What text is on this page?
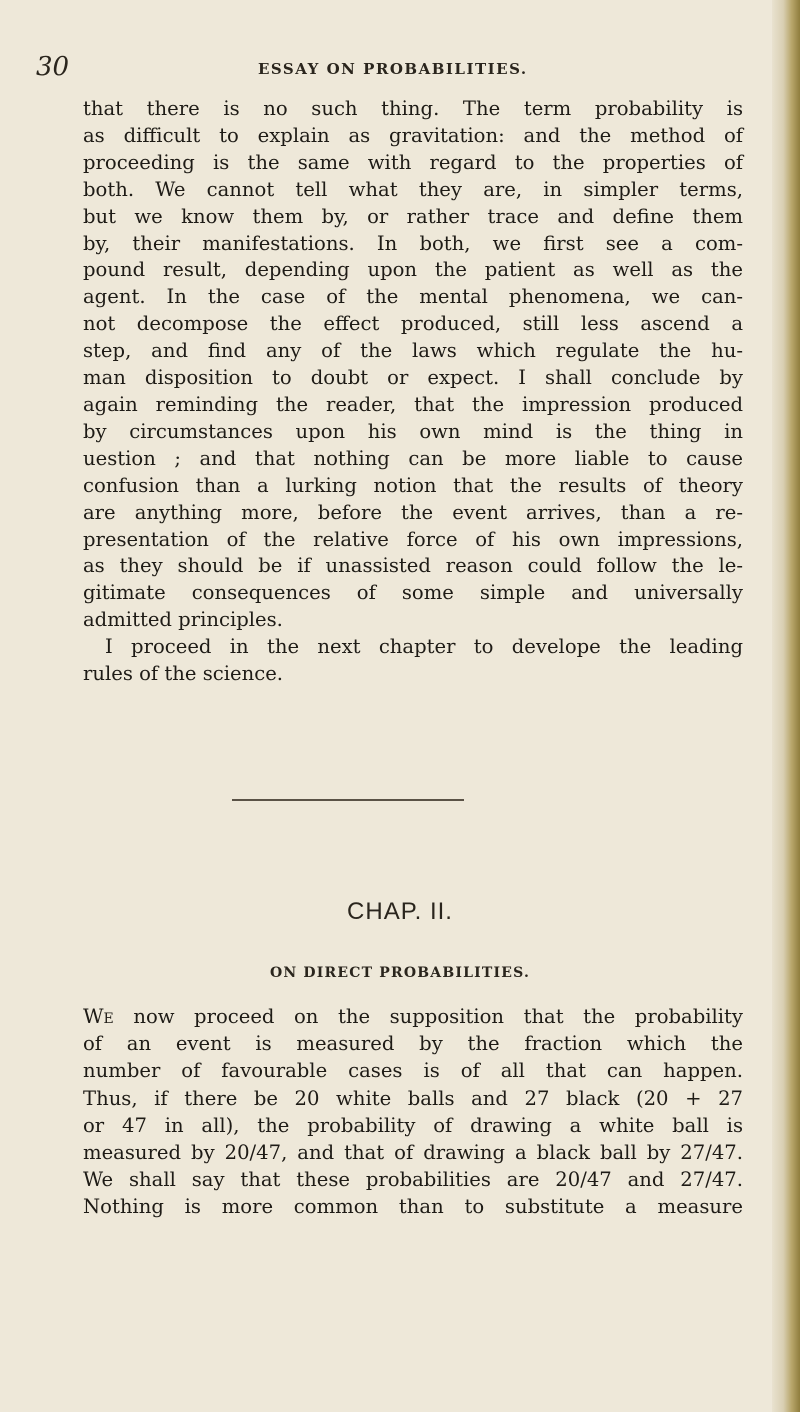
30	ESSAY ON PROBABILITIES.
that there is no such thing. The term probability is
as difficult to explain as gravitation: and the method of
proceeding is the same with regard to the properties of
both. We cannot tell what they are, in simpler terms,
but we know them by, or rather trace and define them
by, their manifestations. In both, we first see a com-
pound result, depending upon the patient as well as the
agent. In the case of the mental phenomena, we can-
not decompose the effect produced, still less ascend a
step, and find any of the laws which regulate the hu-
man disposition to doubt or expect. I shall conclude by
again reminding the reader, that the impression produced
by circumstances upon his own mind is the thing in
uestion ; and that nothing can be more liable to cause
confusion than a lurking notion that the results of theory
are anything more, before the event arrives, than a re-
presentation of the relative force of his own impressions,
as they should be if unassisted reason could follow the le-
gitimate consequences of some simple and universally
admitted principles.
I proceed in the next chapter to develope the leading
rules of the science.
CHAP. II.
ON DIRECT PROBABILITIES.
We now proceed on the supposition that the probability
of an event is measured by the fraction which the
number of favourable cases is of all that can happen.
Thus, if there be 20 white balls and 27 black (20 + 27
or 47 in all), the probability of drawing a white ball is
measured by 20/47, and that of drawing a black ball by 27/47.
We shall say that these probabilities are 20/47 and 27/47.
Nothing is more common than to substitute a measure
